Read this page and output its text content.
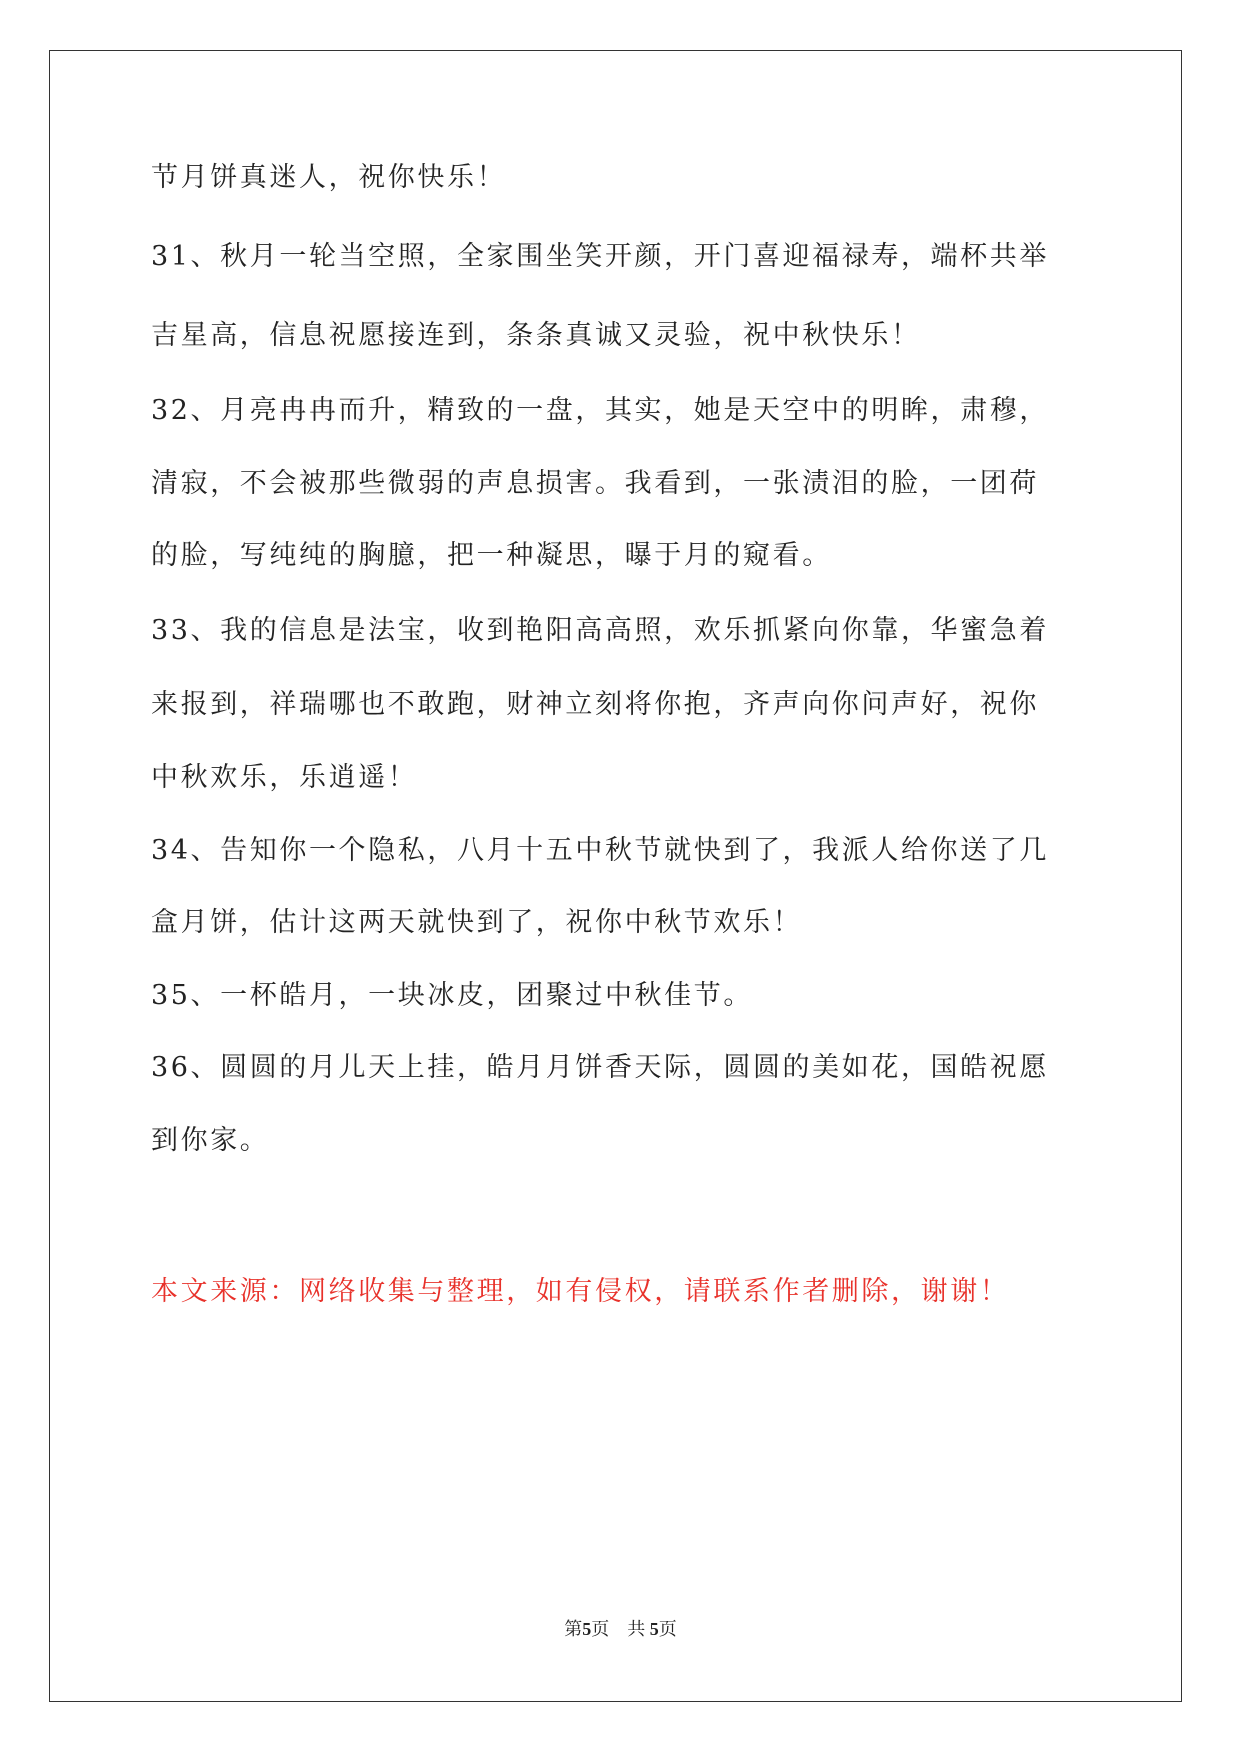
节月饼真迷人，祝你快乐！
31、秋月一轮当空照，全家围坐笑开颜，开门喜迎福禄寿，端杯共举
吉星高，信息祝愿接连到，条条真诚又灵验，祝中秋快乐！
32、月亮冉冉而升，精致的一盘，其实，她是天空中的明眸，肃穆，
清寂，不会被那些微弱的声息损害。我看到，一张渍泪的脸，一团荷
的脸，写纯纯的胸臆，把一种凝思，曝于月的窥看。
33、我的信息是法宝，收到艳阳高高照，欢乐抓紧向你靠，华蜜急着
来报到，祥瑞哪也不敢跑，财神立刻将你抱，齐声向你问声好，祝你
中秋欢乐，乐逍遥！
34、告知你一个隐私，八月十五中秋节就快到了，我派人给你送了几
盒月饼，估计这两天就快到了，祝你中秋节欢乐！
35、一杯皓月，一块冰皮，团聚过中秋佳节。
36、圆圆的月儿天上挂，皓月月饼香天际，圆圆的美如花，国皓祝愿
到你家。
本文来源：网络收集与整理，如有侵权，请联系作者删除，谢谢！
第5页 共 5页
